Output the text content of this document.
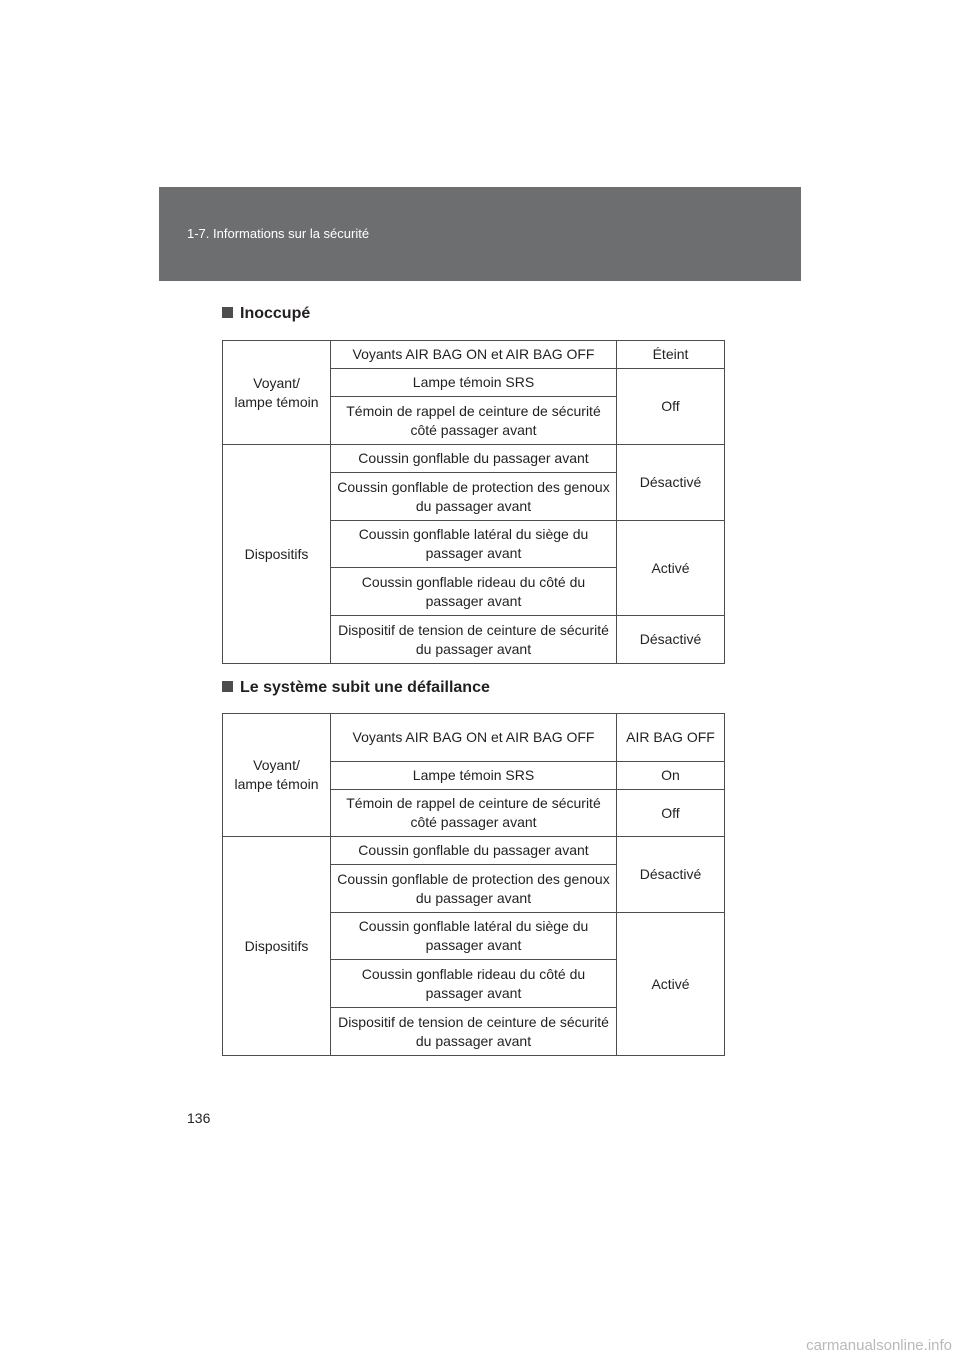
1-7. Informations sur la sécurité
Inoccupé
Voyant/
lampe témoin	Voyants AIR BAG ON et AIR BAG OFF	Éteint
	Lampe témoin SRS	Off
	Témoin de rappel de ceinture de sécurité côté passager avant	
Dispositifs	Coussin gonflable du passager avant	Désactivé
	Coussin gonflable de protection des genoux du passager avant	
	Coussin gonflable latéral du siège du passager avant	Activé
	Coussin gonflable rideau du côté du passager avant	
	Dispositif de tension de ceinture de sécurité du passager avant	Désactivé
Le système subit une défaillance
Voyant/
lampe témoin	Voyants AIR BAG ON et AIR BAG OFF	AIR BAG OFF
	Lampe témoin SRS	On
	Témoin de rappel de ceinture de sécurité côté passager avant	Off
Dispositifs	Coussin gonflable du passager avant	Désactivé
	Coussin gonflable de protection des genoux du passager avant	
	Coussin gonflable latéral du siège du passager avant	Activé
	Coussin gonflable rideau du côté du passager avant	
	Dispositif de tension de ceinture de sécurité du passager avant	
136
carmanualsonline.info
